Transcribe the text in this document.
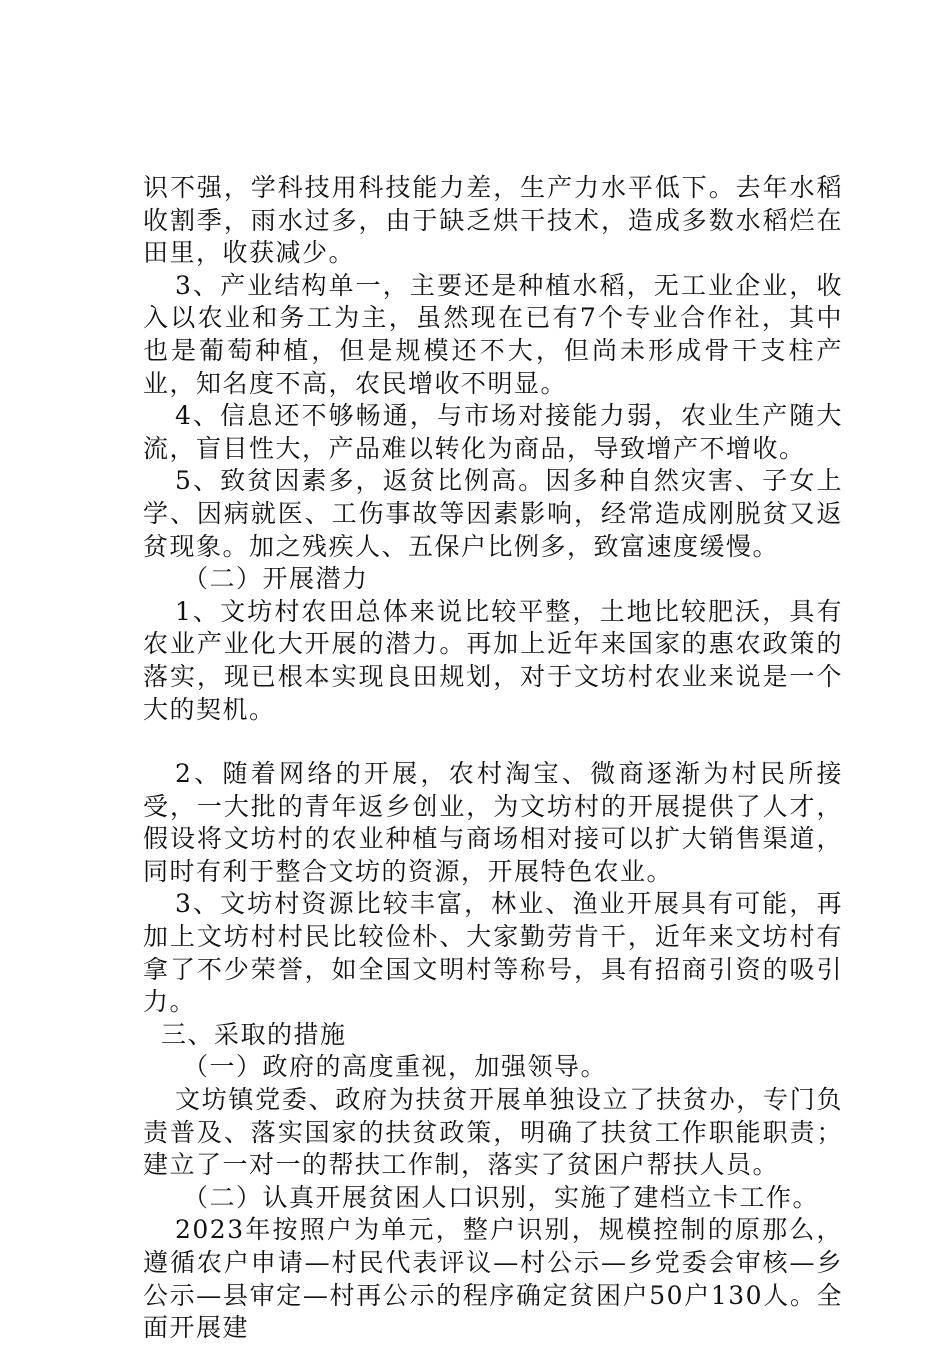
识不强，学科技用科技能力差，生产力水平低下。去年水稻收割季，雨水过多，由于缺乏烘干技术，造成多数水稻烂在田里，收获减少。

3、产业结构单一，主要还是种植水稻，无工业企业，收入以农业和务工为主，虽然现在已有7个专业合作社，其中也是葡萄种植，但是规模还不大，但尚未形成骨干支柱产业，知名度不高，农民增收不明显。

4、信息还不够畅通，与市场对接能力弱，农业生产随大流，盲目性大，产品难以转化为商品，导致增产不增收。

5、致贫因素多，返贫比例高。因多种自然灾害、子女上学、因病就医、工伤事故等因素影响，经常造成刚脱贫又返贫现象。加之残疾人、五保户比例多，致富速度缓慢。

（二）开展潜力

1、文坊村农田总体来说比较平整，土地比较肥沃，具有农业产业化大开展的潜力。再加上近年来国家的惠农政策的落实，现已根本实现良田规划，对于文坊村农业来说是一个大的契机。

2、随着网络的开展，农村淘宝、微商逐渐为村民所接受，一大批的青年返乡创业，为文坊村的开展提供了人才，假设将文坊村的农业种植与商场相对接可以扩大销售渠道，同时有利于整合文坊的资源，开展特色农业。

3、文坊村资源比较丰富，林业、渔业开展具有可能，再加上文坊村村民比较俭朴、大家勤劳肯干，近年来文坊村有拿了不少荣誉，如全国文明村等称号，具有招商引资的吸引力。

三、采取的措施

（一）政府的高度重视，加强领导。

文坊镇党委、政府为扶贫开展单独设立了扶贫办，专门负责普及、落实国家的扶贫政策，明确了扶贫工作职能职责；建立了一对一的帮扶工作制，落实了贫困户帮扶人员。

（二）认真开展贫困人口识别，实施了建档立卡工作。

2023年按照户为单元，整户识别，规模控制的原那么，遵循农户申请—村民代表评议—村公示—乡党委会审核—乡公示—县审定—村再公示的程序确定贫困户50户130人。全面开展建
